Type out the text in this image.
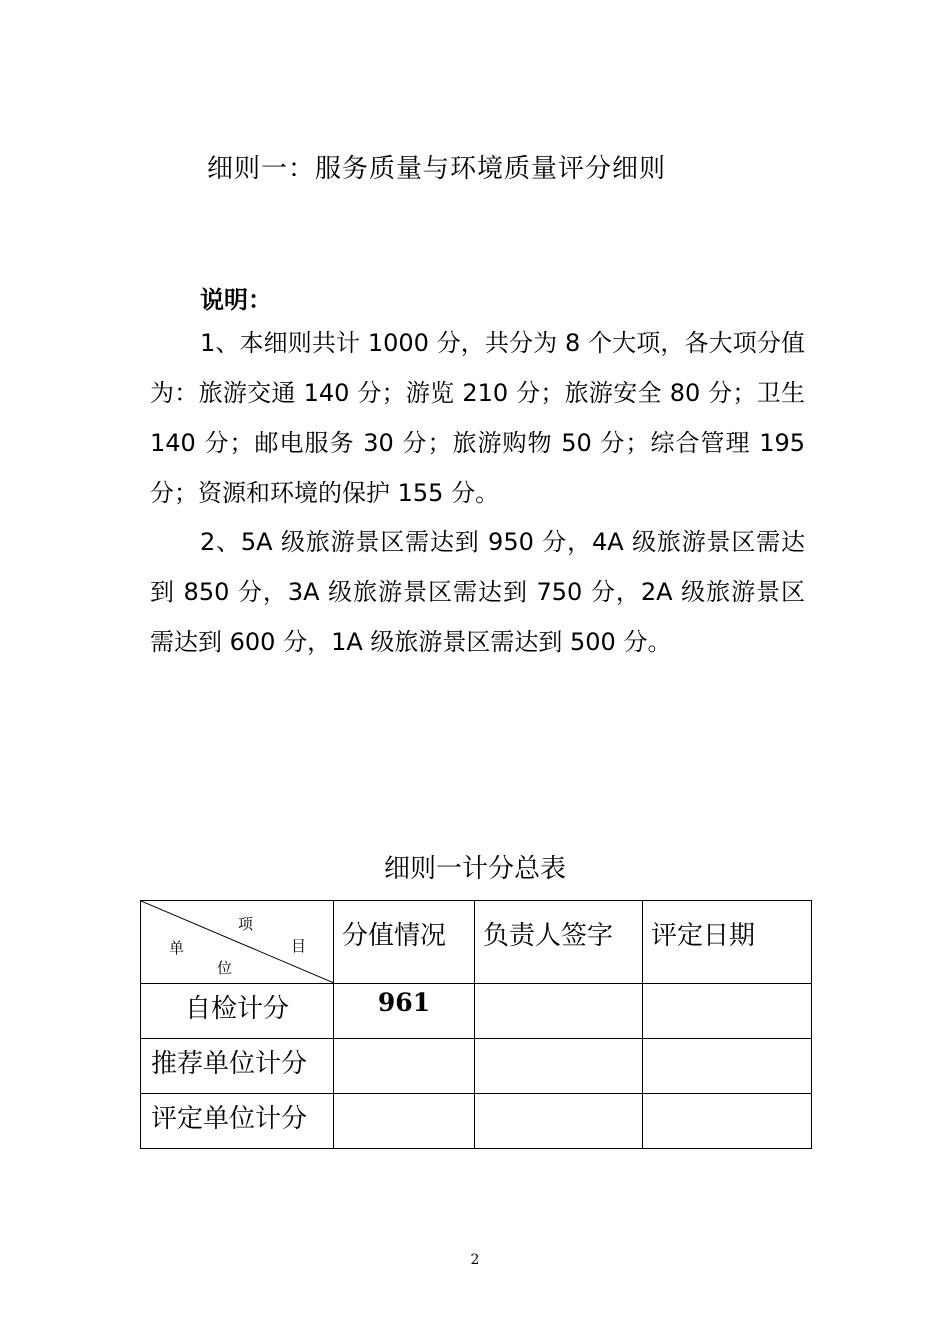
细则一：服务质量与环境质量评分细则
说明：
1、本细则共计 1000 分，共分为 8 个大项，各大项分值为：旅游交通 140 分；游览 210 分；旅游安全 80 分；卫生 140 分；邮电服务 30 分；旅游购物 50 分；综合管理 195 分；资源和环境的保护 155 分。
2、5A 级旅游景区需达到 950 分，4A 级旅游景区需达到 850 分，3A 级旅游景区需达到 750 分，2A 级旅游景区需达到 600 分，1A 级旅游景区需达到 500 分。
细则一计分总表
项
目
单
位	分值情况	负责人签字	评定日期

自检计分	961		

推荐单位计分			

评定单位计分			

2
